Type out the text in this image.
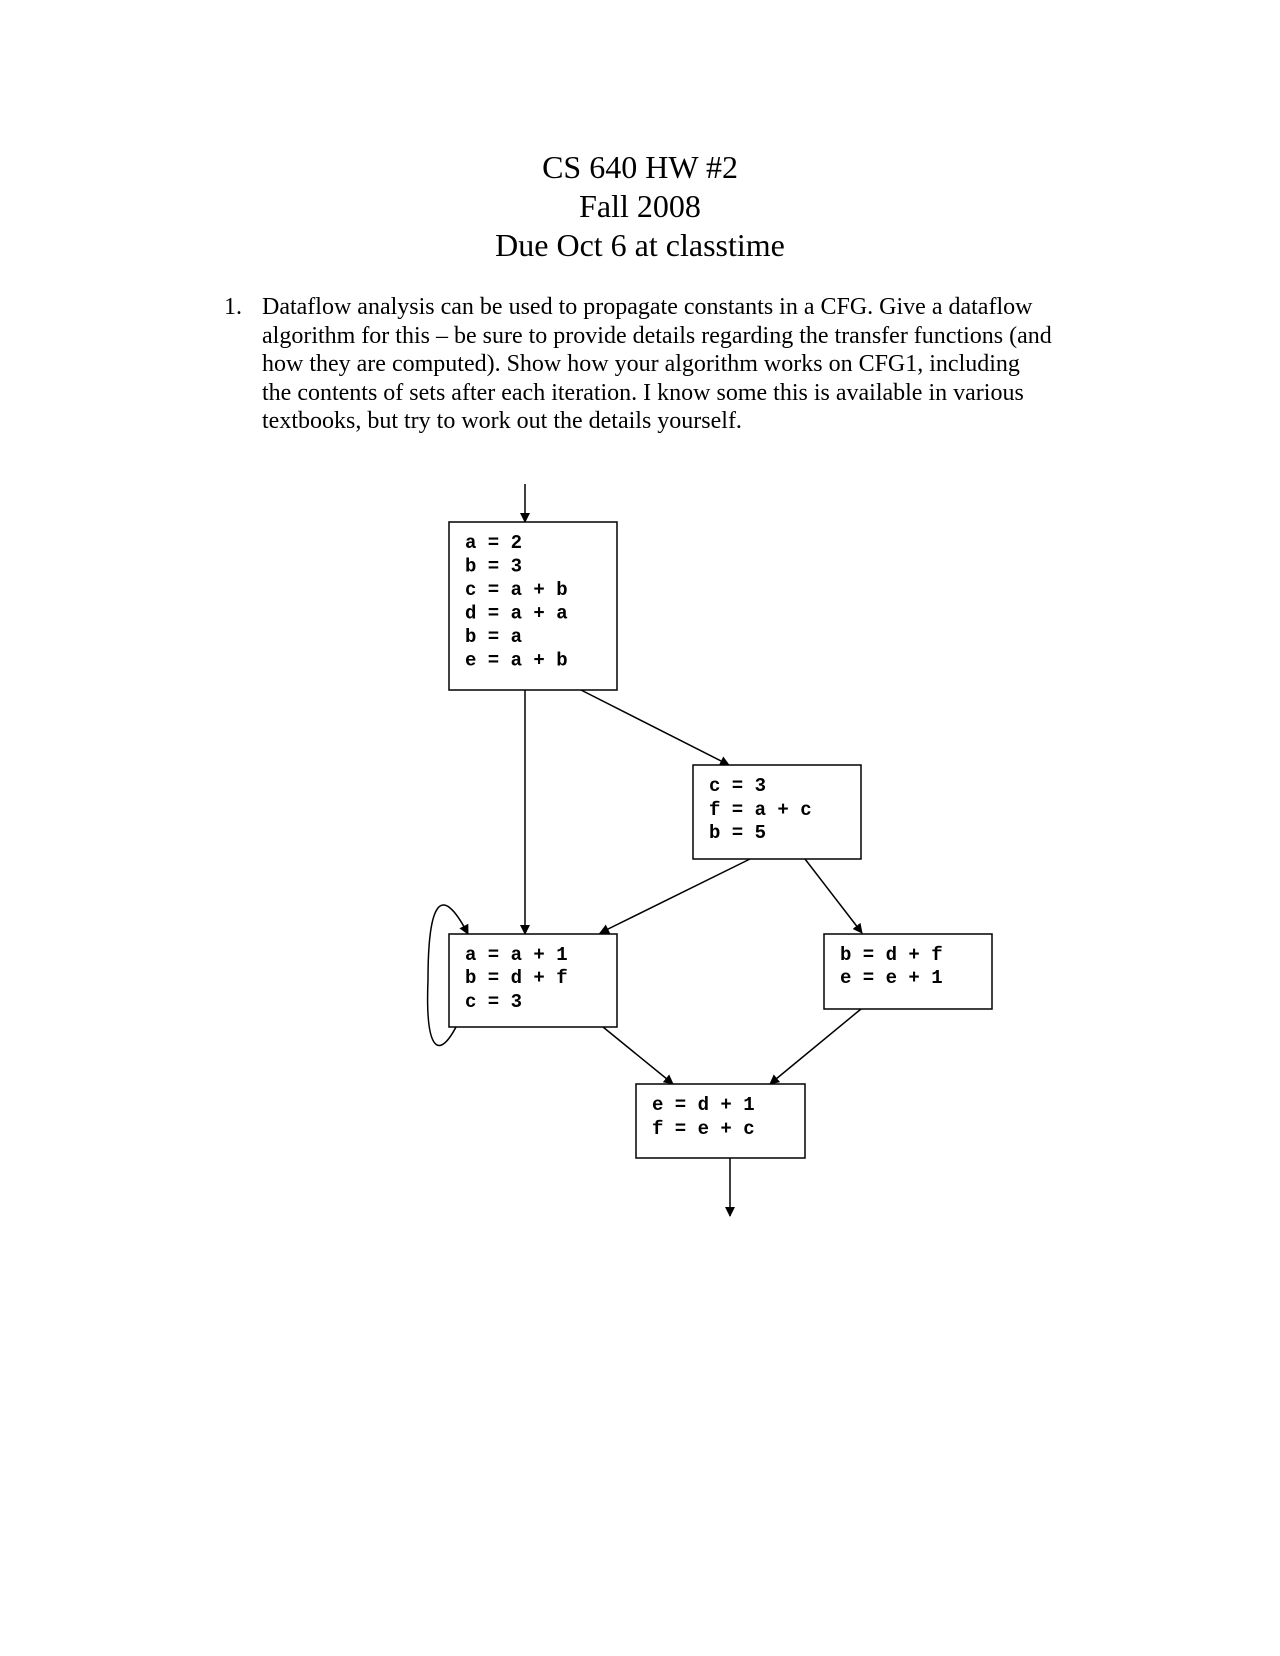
CS 640 HW #2
Fall 2008
Due Oct 6 at classtime
1. Dataflow analysis can be used to propagate constants in a CFG. Give a dataflow
algorithm for this – be sure to provide details regarding the transfer functions (and
how they are computed). Show how your algorithm works on CFG1, including
the contents of sets after each iteration. I know some this is available in various
textbooks, but try to work out the details yourself.
a = 2
b = 3
c = a + b
d = a + a
b = a
e = a + b
c = 3
f = a + c
b = 5
a = a + 1
b = d + f
c = 3
b = d + f
e = e + 1
e = d + 1
f = e + c
